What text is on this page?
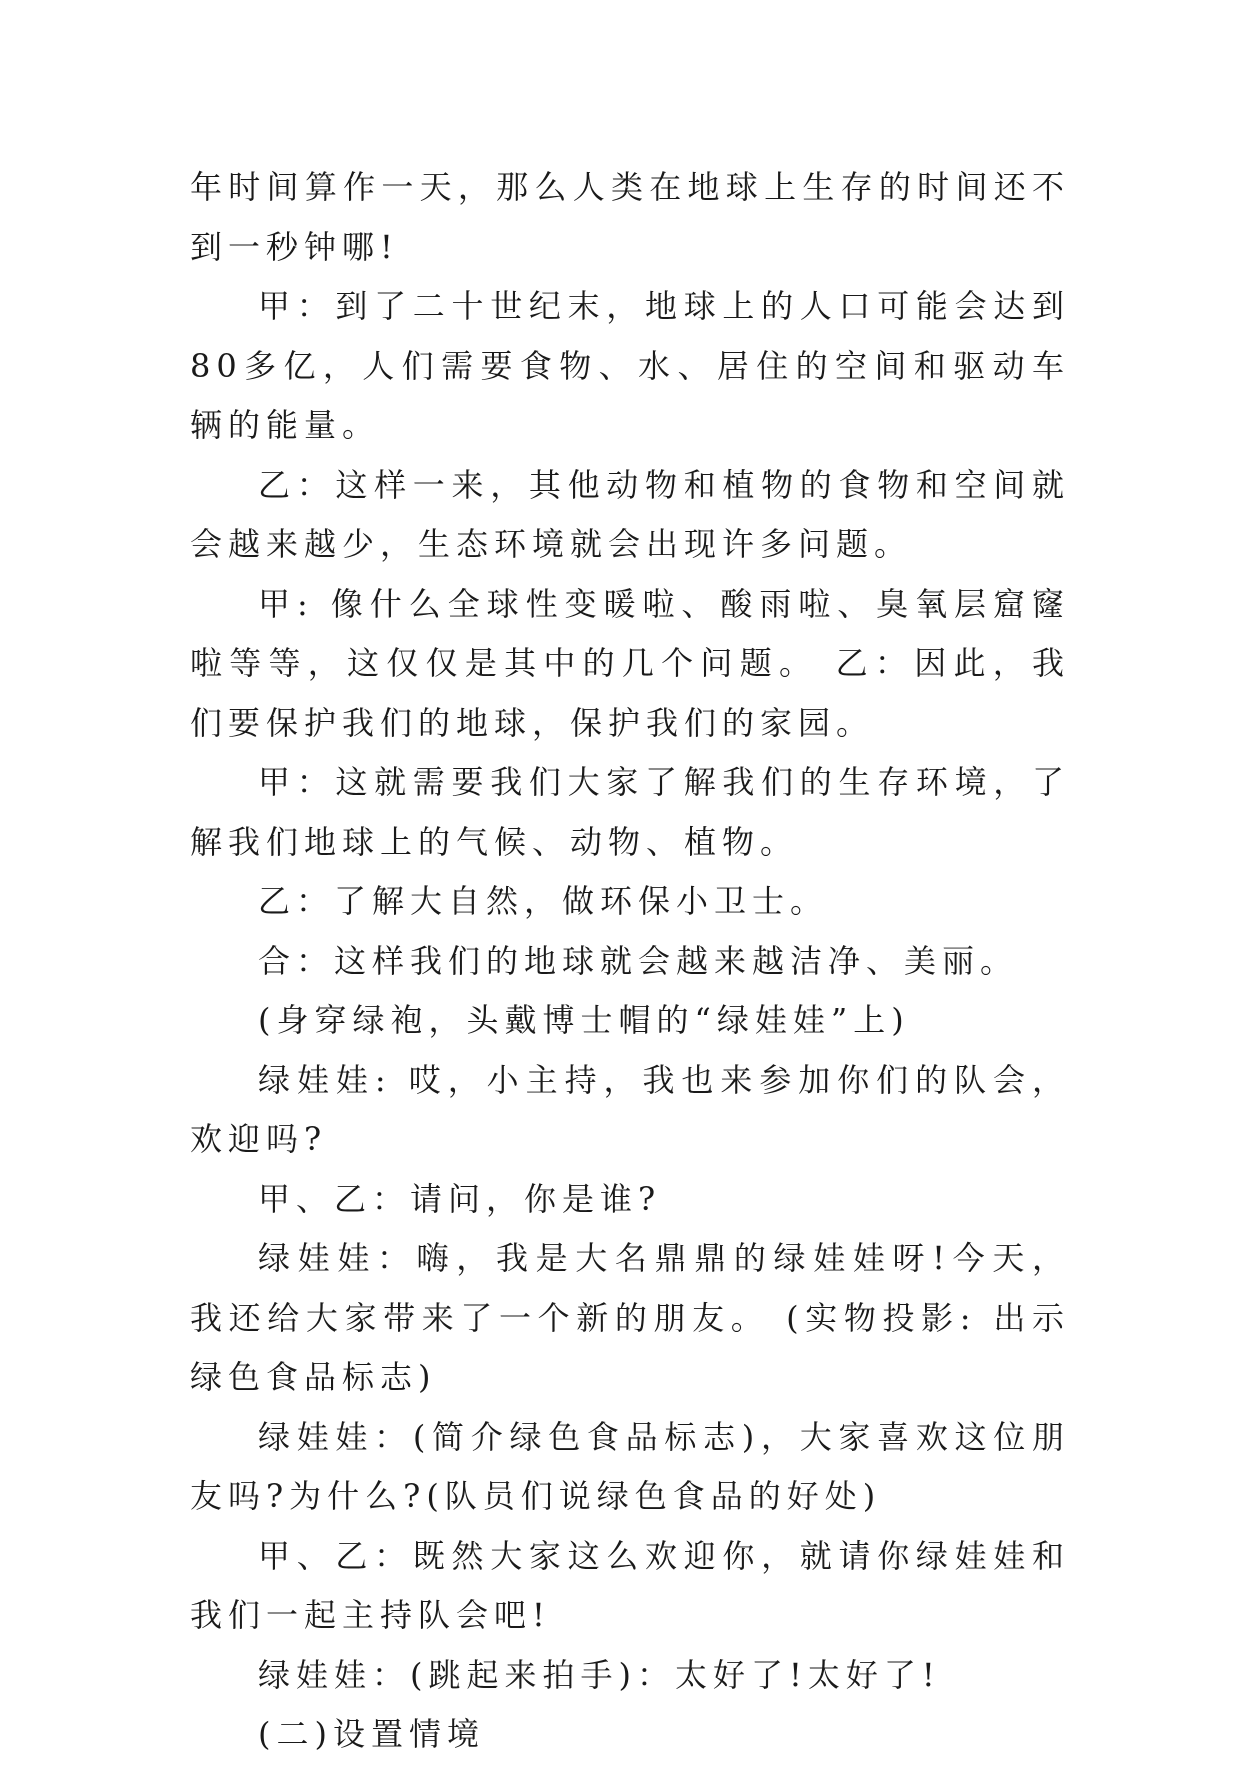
年时间算作一天，那么人类在地球上生存的时间还不到一秒钟哪!

甲：到了二十世纪末，地球上的人口可能会达到80多亿，人们需要食物、水、居住的空间和驱动车辆的能量。

乙：这样一来，其他动物和植物的食物和空间就会越来越少，生态环境就会出现许多问题。

甲: 像什么全球性变暖啦、酸雨啦、臭氧层窟窿啦等等，这仅仅是其中的几个问题。 乙：因此，我们要保护我们的地球，保护我们的家园。

甲：这就需要我们大家了解我们的生存环境，了解我们地球上的气候、动物、植物。

乙：了解大自然，做环保小卫士。

合：这样我们的地球就会越来越洁净、美丽。

(身穿绿袍，头戴博士帽的“绿娃娃”上)

绿娃娃: 哎，小主持，我也来参加你们的队会，欢迎吗?

甲、乙：请问，你是谁?

绿娃娃：嗨，我是大名鼎鼎的绿娃娃呀!今天，我还给大家带来了一个新的朋友。 (实物投影: 出示绿色食品标志)

绿娃娃：(简介绿色食品标志)，大家喜欢这位朋友吗?为什么?(队员们说绿色食品的好处)

甲、乙：既然大家这么欢迎你，就请你绿娃娃和我们一起主持队会吧!

绿娃娃：(跳起来拍手)：太好了!太好了!

(二)设置情境
